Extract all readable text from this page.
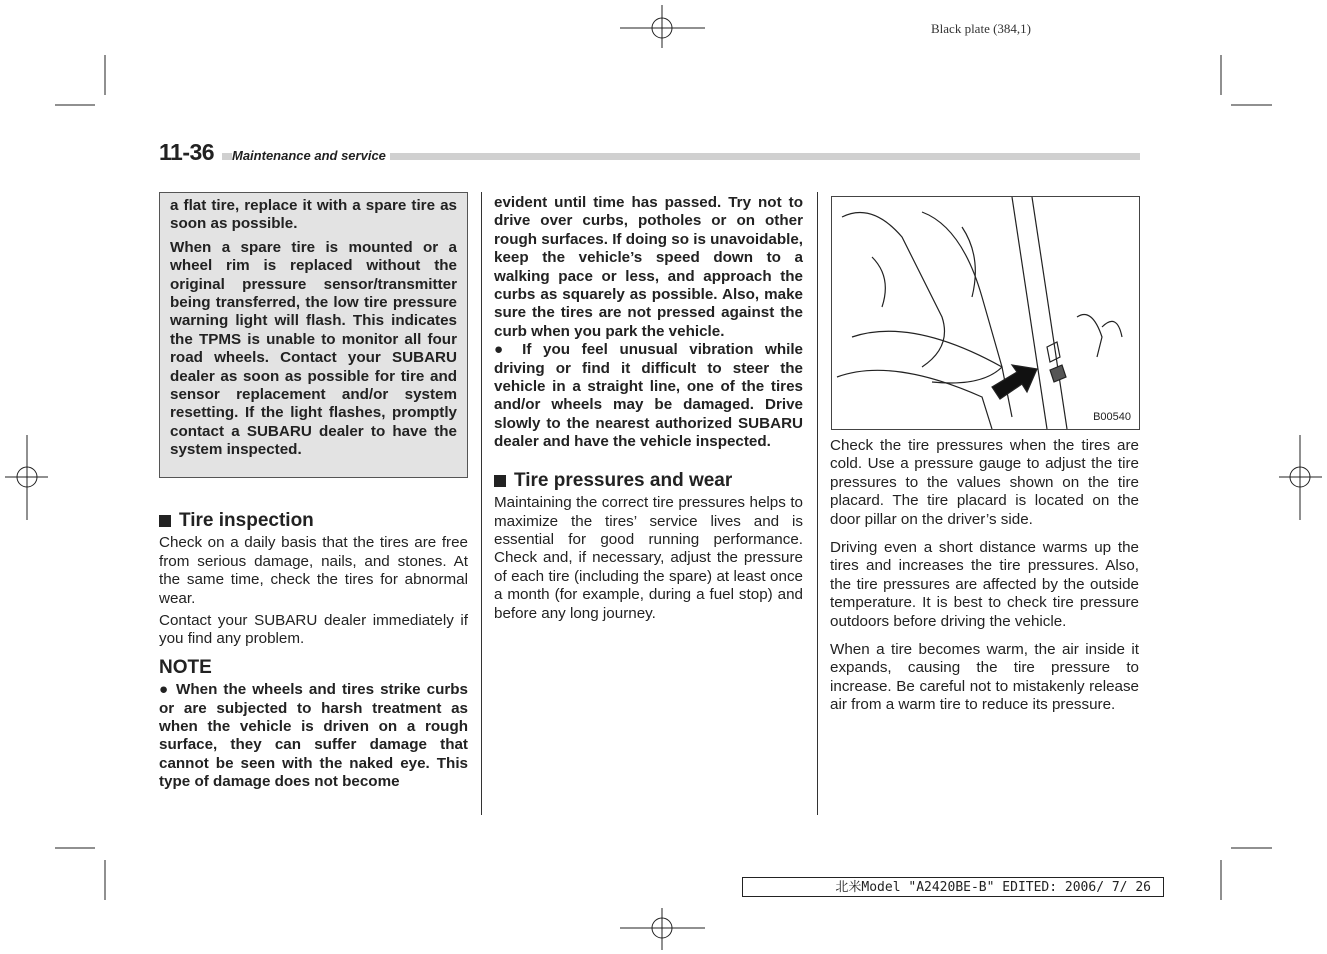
Black plate (384,1)
11-36	Maintenance and service

a flat tire, replace it with a spare tire as soon as possible.

When a spare tire is mounted or a wheel rim is replaced without the original pressure sensor/transmitter being transferred, the low tire pressure warning light will flash. This indicates the TPMS is unable to monitor all four road wheels. Contact your SUBARU dealer as soon as possible for tire and sensor replacement and/or system resetting. If the light flashes, promptly contact a SUBARU dealer to have the system inspected.

Tire inspection

Check on a daily basis that the tires are free from serious damage, nails, and stones. At the same time, check the tires for abnormal wear.

Contact your SUBARU dealer immediately if you find any problem.

NOTE

● When the wheels and tires strike curbs or are subjected to harsh treatment as when the vehicle is driven on a rough surface, they can suffer damage that cannot be seen with the naked eye. This type of damage does not become

evident until time has passed. Try not to drive over curbs, potholes or on other rough surfaces. If doing so is unavoidable, keep the vehicle’s speed down to a walking pace or less, and approach the curbs as squarely as possible. Also, make sure the tires are not pressed against the curb when you park the vehicle.

● If you feel unusual vibration while driving or find it difficult to steer the vehicle in a straight line, one of the tires and/or wheels may be damaged. Drive slowly to the nearest authorized SUBARU dealer and have the vehicle inspected.

Tire pressures and wear

Maintaining the correct tire pressures helps to maximize the tires’ service lives and is essential for good running performance. Check and, if necessary, adjust the pressure of each tire (including the spare) at least once a month (for example, during a fuel stop) and before any long journey.

B00540

Check the tire pressures when the tires are cold. Use a pressure gauge to adjust the tire pressures to the values shown on the tire placard. The tire placard is located on the door pillar on the driver’s side.

Driving even a short distance warms up the tires and increases the tire pressures. Also, the tire pressures are affected by the outside temperature. It is best to check tire pressure outdoors before driving the vehicle.

When a tire becomes warm, the air inside it expands, causing the tire pressure to increase. Be careful not to mistakenly release air from a warm tire to reduce its pressure.

北米Model "A2420BE-B" EDITED: 2006/ 7/ 26
